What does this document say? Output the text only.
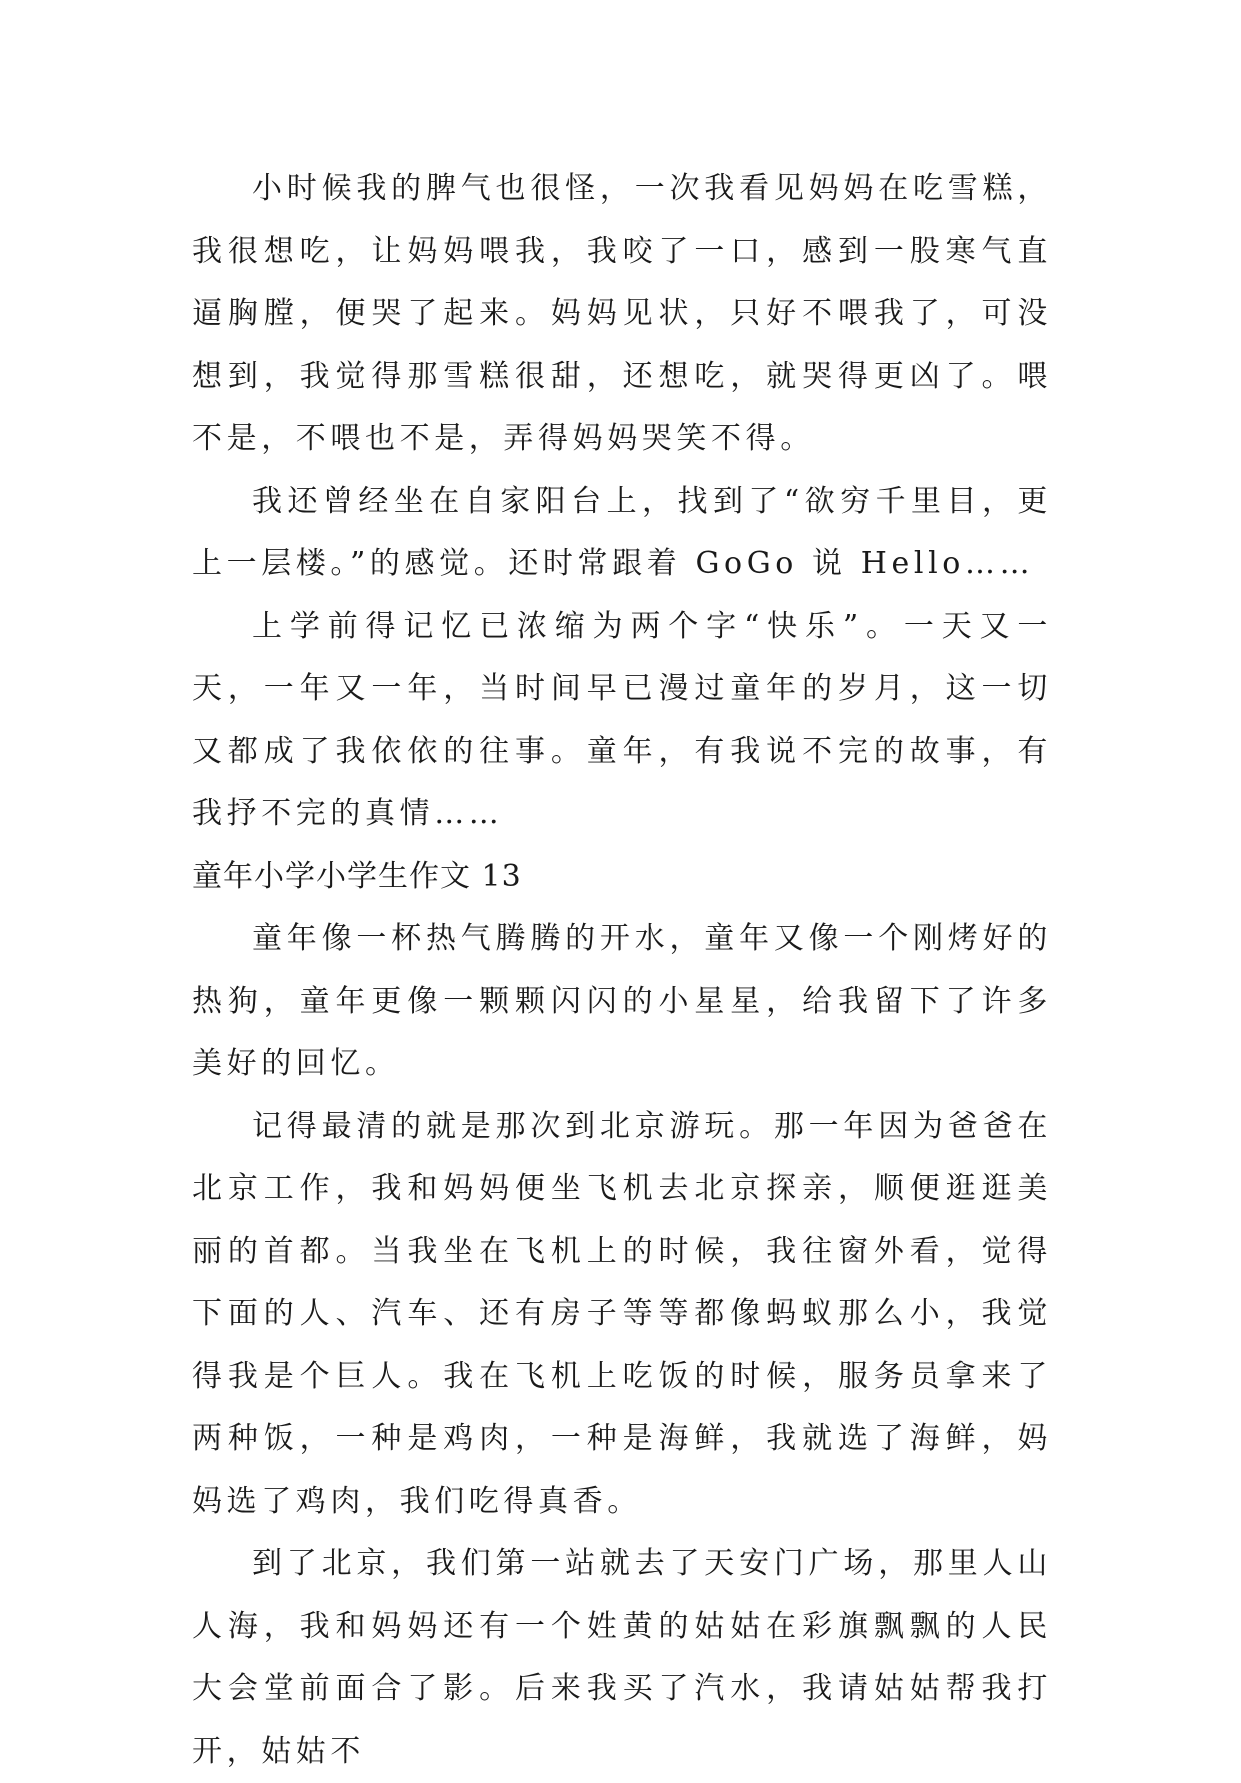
小时候我的脾气也很怪，一次我看见妈妈在吃雪糕，我很想吃，让妈妈喂我，我咬了一口，感到一股寒气直逼胸膛，便哭了起来。妈妈见状，只好不喂我了，可没想到，我觉得那雪糕很甜，还想吃，就哭得更凶了。喂不是，不喂也不是，弄得妈妈哭笑不得。

我还曾经坐在自家阳台上，找到了“欲穷千里目，更上一层楼。”的感觉。还时常跟着 GoGo 说 Hello……

上学前得记忆已浓缩为两个字“快乐”。一天又一天，一年又一年，当时间早已漫过童年的岁月，这一切又都成了我依依的往事。童年，有我说不完的故事，有我抒不完的真情……

童年小学小学生作文 13

童年像一杯热气腾腾的开水，童年又像一个刚烤好的热狗，童年更像一颗颗闪闪的小星星，给我留下了许多美好的回忆。

记得最清的就是那次到北京游玩。那一年因为爸爸在北京工作，我和妈妈便坐飞机去北京探亲，顺便逛逛美丽的首都。当我坐在飞机上的时候，我往窗外看，觉得下面的人、汽车、还有房子等等都像蚂蚁那么小，我觉得我是个巨人。我在飞机上吃饭的时候，服务员拿来了两种饭，一种是鸡肉，一种是海鲜，我就选了海鲜，妈妈选了鸡肉，我们吃得真香。

到了北京，我们第一站就去了天安门广场，那里人山人海，我和妈妈还有一个姓黄的姑姑在彩旗飘飘的人民大会堂前面合了影。后来我买了汽水，我请姑姑帮我打开，姑姑不
